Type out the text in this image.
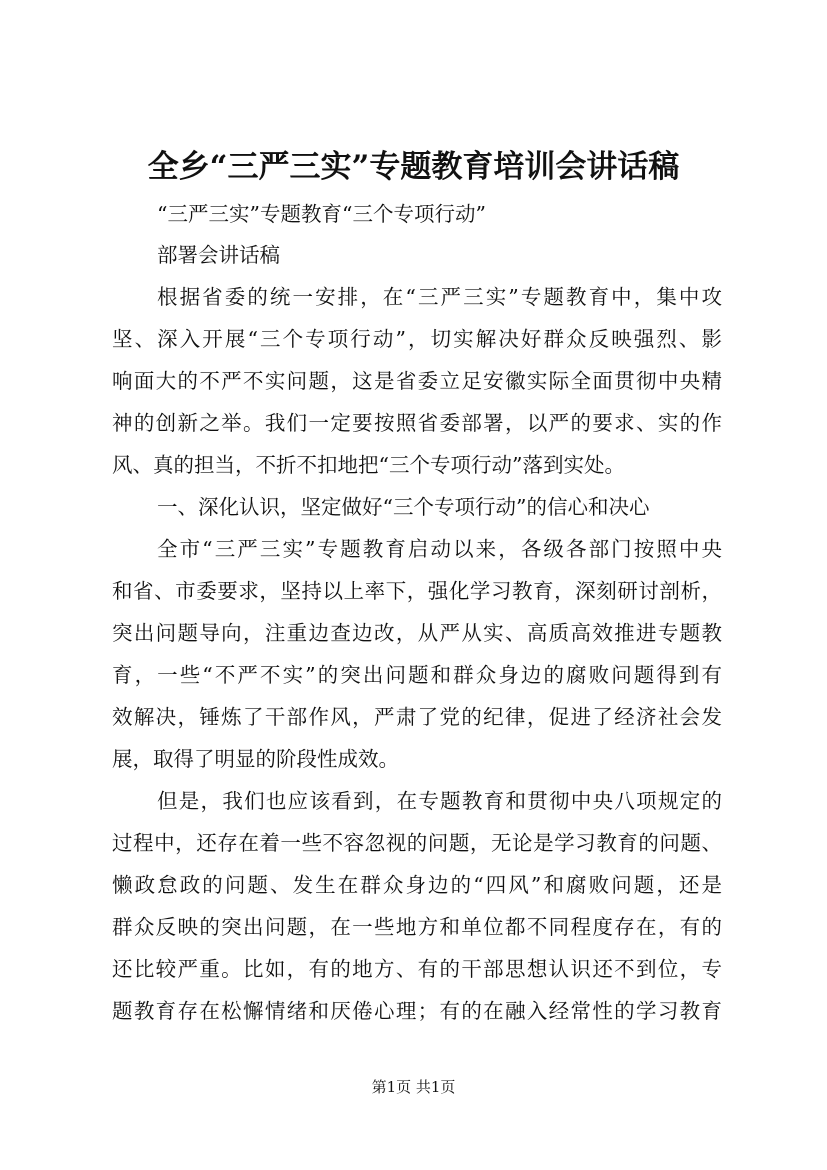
全乡“三严三实”专题教育培训会讲话稿
“三严三实”专题教育“三个专项行动”
部署会讲话稿
根据省委的统一安排，在“三严三实”专题教育中，集中攻
坚、深入开展“三个专项行动”，切实解决好群众反映强烈、影
响面大的不严不实问题，这是省委立足安徽实际全面贯彻中央精
神的创新之举。我们一定要按照省委部署，以严的要求、实的作
风、真的担当，不折不扣地把“三个专项行动”落到实处。
一、深化认识，坚定做好“三个专项行动”的信心和决心
全市“三严三实”专题教育启动以来，各级各部门按照中央
和省、市委要求，坚持以上率下，强化学习教育，深刻研讨剖析，
突出问题导向，注重边查边改，从严从实、高质高效推进专题教
育，一些“不严不实”的突出问题和群众身边的腐败问题得到有
效解决，锤炼了干部作风，严肃了党的纪律，促进了经济社会发
展，取得了明显的阶段性成效。
但是，我们也应该看到，在专题教育和贯彻中央八项规定的
过程中，还存在着一些不容忽视的问题，无论是学习教育的问题、
懒政怠政的问题、发生在群众身边的“四风”和腐败问题，还是
群众反映的突出问题，在一些地方和单位都不同程度存在，有的
还比较严重。比如，有的地方、有的干部思想认识还不到位，专
题教育存在松懈情绪和厌倦心理；有的在融入经常性的学习教育
第1页 共1页
